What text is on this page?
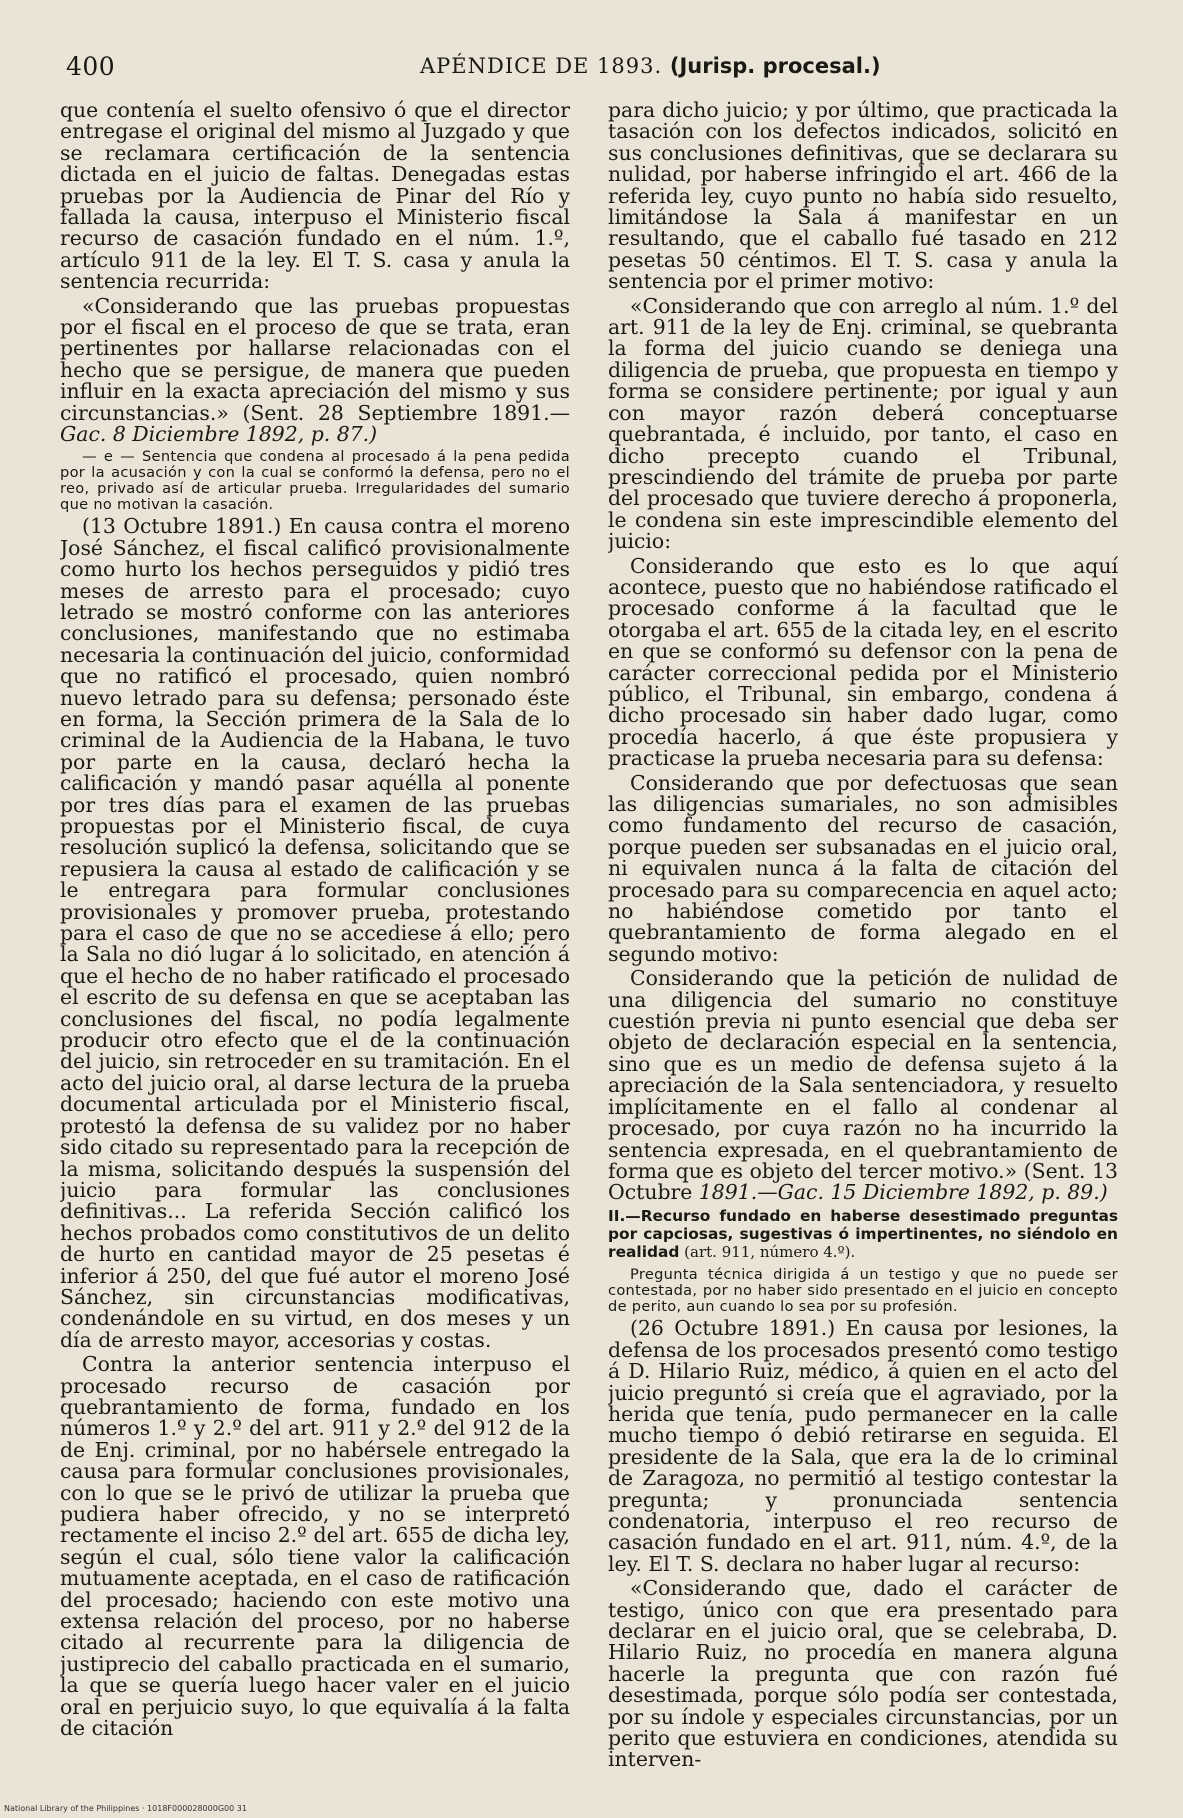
400	APÉNDICE DE 1893. (Jurisp. procesal.)

que contenía el suelto ofensivo ó que el director entregase el original del mismo al Juzgado y que se reclamara certificación de la sentencia dictada en el juicio de faltas. Denegadas estas pruebas por la Audiencia de Pinar del Río y fallada la causa, interpuso el Ministerio fiscal recurso de casación fundado en el núm. 1.º, artículo 911 de la ley. El T. S. casa y anula la sentencia recurrida:

«Considerando que las pruebas propuestas por el fiscal en el proceso de que se trata, eran pertinentes por hallarse relacionadas con el hecho que se persigue, de manera que pueden influir en la exacta apreciación del mismo y sus circunstancias.» (Sent. 28 Septiembre 1891.—Gac. 8 Diciembre 1892, p. 87.)

— e — Sentencia que condena al procesado á la pena pedida por la acusación y con la cual se conformó la defensa, pero no el reo, privado así de articular prueba. Irregularidades del sumario que no motivan la casación.

(13 Octubre 1891.) En causa contra el moreno José Sánchez, el fiscal calificó provisionalmente como hurto los hechos perseguidos y pidió tres meses de arresto para el procesado; cuyo letrado se mostró conforme con las anteriores conclusiones, manifestando que no estimaba necesaria la continuación del juicio, conformidad que no ratificó el procesado, quien nombró nuevo letrado para su defensa; personado éste en forma, la Sección primera de la Sala de lo criminal de la Audiencia de la Habana, le tuvo por parte en la causa, declaró hecha la calificación y mandó pasar aquélla al ponente por tres días para el examen de las pruebas propuestas por el Ministerio fiscal, de cuya resolución suplicó la defensa, solicitando que se repusiera la causa al estado de calificación y se le entregara para formular conclusiones provisionales y promover prueba, protestando para el caso de que no se accediese á ello; pero la Sala no dió lugar á lo solicitado, en atención á que el hecho de no haber ratificado el procesado el escrito de su defensa en que se aceptaban las conclusiones del fiscal, no podía legalmente producir otro efecto que el de la continuación del juicio, sin retroceder en su tramitación. En el acto del juicio oral, al darse lectura de la prueba documental articulada por el Ministerio fiscal, protestó la defensa de su validez por no haber sido citado su representado para la recepción de la misma, solicitando después la suspensión del juicio para formular las conclusiones definitivas... La referida Sección calificó los hechos probados como constitutivos de un delito de hurto en cantidad mayor de 25 pesetas é inferior á 250, del que fué autor el moreno José Sánchez, sin circunstancias modificativas, condenándole en su virtud, en dos meses y un día de arresto mayor, accesorias y costas.

Contra la anterior sentencia interpuso el procesado recurso de casación por quebrantamiento de forma, fundado en los números 1.º y 2.º del art. 911 y 2.º del 912 de la de Enj. criminal, por no habérsele entregado la causa para formular conclusiones provisionales, con lo que se le privó de utilizar la prueba que pudiera haber ofrecido, y no se interpretó rectamente el inciso 2.º del art. 655 de dicha ley, según el cual, sólo tiene valor la calificación mutuamente aceptada, en el caso de ratificación del procesado; haciendo con este motivo una extensa relación del proceso, por no haberse citado al recurrente para la diligencia de justiprecio del caballo practicada en el sumario, la que se quería luego hacer valer en el juicio oral en perjuicio suyo, lo que equivalía á la falta de citación

para dicho juicio; y por último, que practicada la tasación con los defectos indicados, solicitó en sus conclusiones definitivas, que se declarara su nulidad, por haberse infringido el art. 466 de la referida ley, cuyo punto no había sido resuelto, limitándose la Sala á manifestar en un resultando, que el caballo fué tasado en 212 pesetas 50 céntimos. El T. S. casa y anula la sentencia por el primer motivo:

«Considerando que con arreglo al núm. 1.º del art. 911 de la ley de Enj. criminal, se quebranta la forma del juicio cuando se deniega una diligencia de prueba, que propuesta en tiempo y forma se considere pertinente; por igual y aun con mayor razón deberá conceptuarse quebrantada, é incluido, por tanto, el caso en dicho precepto cuando el Tribunal, prescindiendo del trámite de prueba por parte del procesado que tuviere derecho á proponerla, le condena sin este imprescindible elemento del juicio:

Considerando que esto es lo que aquí acontece, puesto que no habiéndose ratificado el procesado conforme á la facultad que le otorgaba el art. 655 de la citada ley, en el escrito en que se conformó su defensor con la pena de carácter correccional pedida por el Ministerio público, el Tribunal, sin embargo, condena á dicho procesado sin haber dado lugar, como procedía hacerlo, á que éste propusiera y practicase la prueba necesaria para su defensa:

Considerando que por defectuosas que sean las diligencias sumariales, no son admisibles como fundamento del recurso de casación, porque pueden ser subsanadas en el juicio oral, ni equivalen nunca á la falta de citación del procesado para su comparecencia en aquel acto; no habiéndose cometido por tanto el quebrantamiento de forma alegado en el segundo motivo:

Considerando que la petición de nulidad de una diligencia del sumario no constituye cuestión previa ni punto esencial que deba ser objeto de declaración especial en la sentencia, sino que es un medio de defensa sujeto á la apreciación de la Sala sentenciadora, y resuelto implícitamente en el fallo al condenar al procesado, por cuya razón no ha incurrido la sentencia expresada, en el quebrantamiento de forma que es objeto del tercer motivo.» (Sent. 13 Octubre 1891.—Gac. 15 Diciembre 1892, p. 89.)

II.—Recurso fundado en haberse desestimado preguntas por capciosas, sugestivas ó impertinentes, no siéndolo en realidad (art. 911, número 4.º).

Pregunta técnica dirigida á un testigo y que no puede ser contestada, por no haber sido presentado en el juicio en concepto de perito, aun cuando lo sea por su profesión.

(26 Octubre 1891.) En causa por lesiones, la defensa de los procesados presentó como testigo á D. Hilario Ruiz, médico, á quien en el acto del juicio preguntó si creía que el agraviado, por la herida que tenía, pudo permanecer en la calle mucho tiempo ó debió retirarse en seguida. El presidente de la Sala, que era la de lo criminal de Zaragoza, no permitió al testigo contestar la pregunta; y pronunciada sentencia condenatoria, interpuso el reo recurso de casación fundado en el art. 911, núm. 4.º, de la ley. El T. S. declara no haber lugar al recurso:

«Considerando que, dado el carácter de testigo, único con que era presentado para declarar en el juicio oral, que se celebraba, D. Hilario Ruiz, no procedía en manera alguna hacerle la pregunta que con razón fué desestimada, porque sólo podía ser contestada, por su índole y especiales circunstancias, por un perito que estuviera en condiciones, atendida su interven-

National Library of the Philippines · 1018F000028000G00 31
